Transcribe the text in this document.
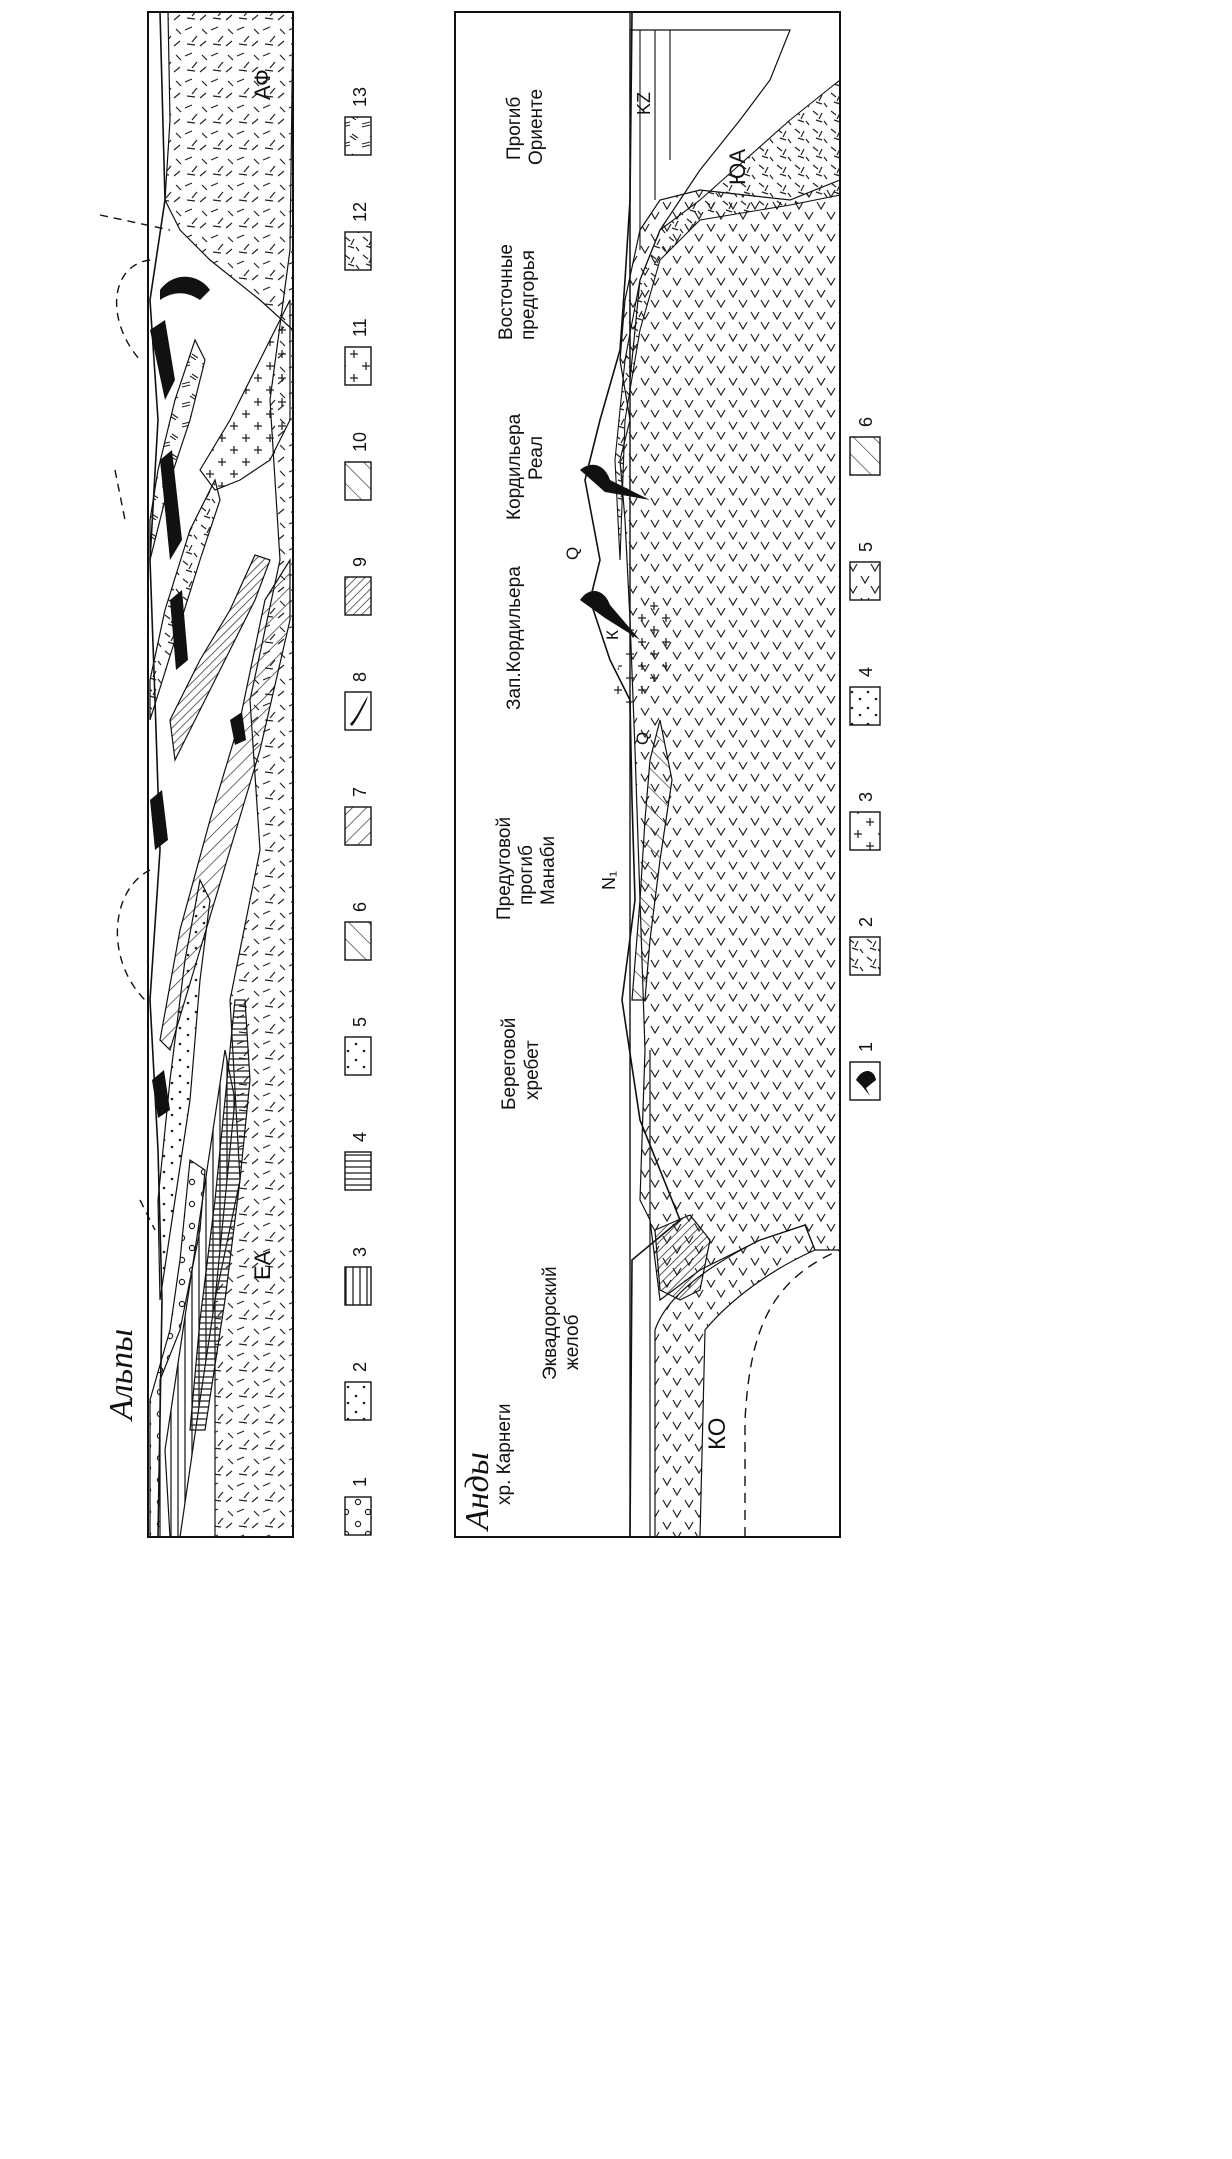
Альпы
ЕА
АФ
1
2
3
4
5
6
7
8
9
10
11
12
13
хр. Карнеги
Эквадорский желоб
Береговой хребет
Предуговой прогиб Манаби
Зап.Кордильера
Кордильера Реал
Восточные предгорья
Прогиб Ориенте
КО
ЮА
KZ
N₁
Q
Q
К
Анды
1
2
3
4
5
6
